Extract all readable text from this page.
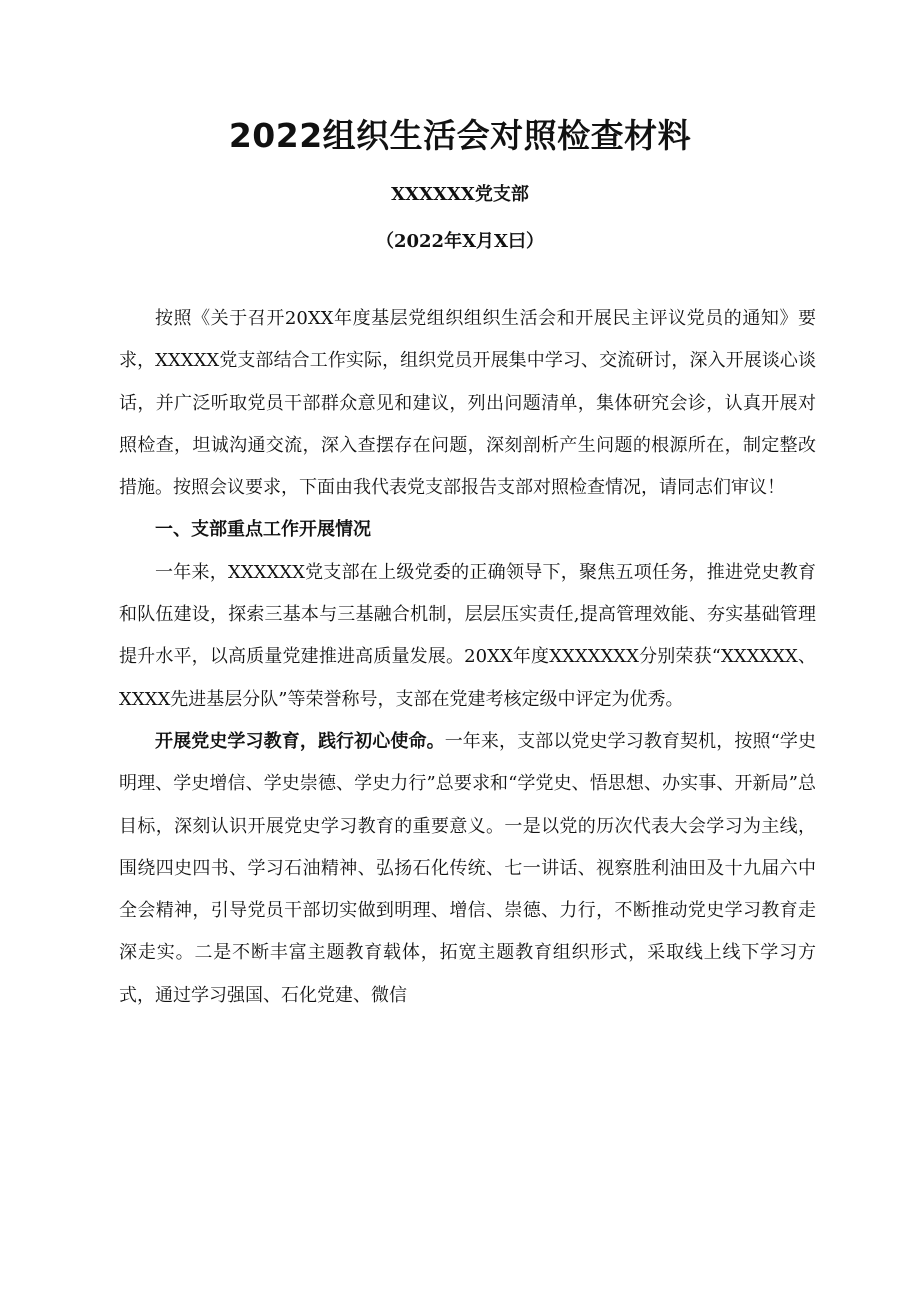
2022组织生活会对照检查材料
XXXXXX党支部
（2022年X月X曰）

按照《关于召开20XX年度基层党组织组织生活会和开展民主评议党员的通知》要求，XXXXX党支部结合工作实际，组织党员开展集中学习、交流研讨，深入开展谈心谈话，并广泛听取党员干部群众意见和建议，列出问题清单，集体研究会诊，认真开展对照检查，坦诚沟通交流，深入查摆存在问题，深刻剖析产生问题的根源所在，制定整改措施。按照会议要求，下面由我代表党支部报告支部对照检查情况，请同志们审议！

一、支部重点工作开展情况

一年来，XXXXXX党支部在上级党委的正确领导下，聚焦五项任务，推进党史教育和队伍建设，探索三基本与三基融合机制，层层压实责任,提高管理效能、夯实基础管理提升水平，以高质量党建推进高质量发展。20XX年度XXXXXXX分别荣获“XXXXXX、XXXX先进基层分队”等荣誉称号，支部在党建考核定级中评定为优秀。

开展党史学习教育，践行初心使命。一年来，支部以党史学习教育契机，按照“学史明理、学史增信、学史崇德、学史力行”总要求和“学党史、悟思想、办实事、开新局”总目标，深刻认识开展党史学习教育的重要意义。一是以党的历次代表大会学习为主线，围绕四史四书、学习石油精神、弘扬石化传统、七一讲话、视察胜利油田及十九届六中全会精神，引导党员干部切实做到明理、增信、崇德、力行，不断推动党史学习教育走深走实。二是不断丰富主题教育载体，拓宽主题教育组织形式，采取线上线下学习方式，通过学习强国、石化党建、微信
